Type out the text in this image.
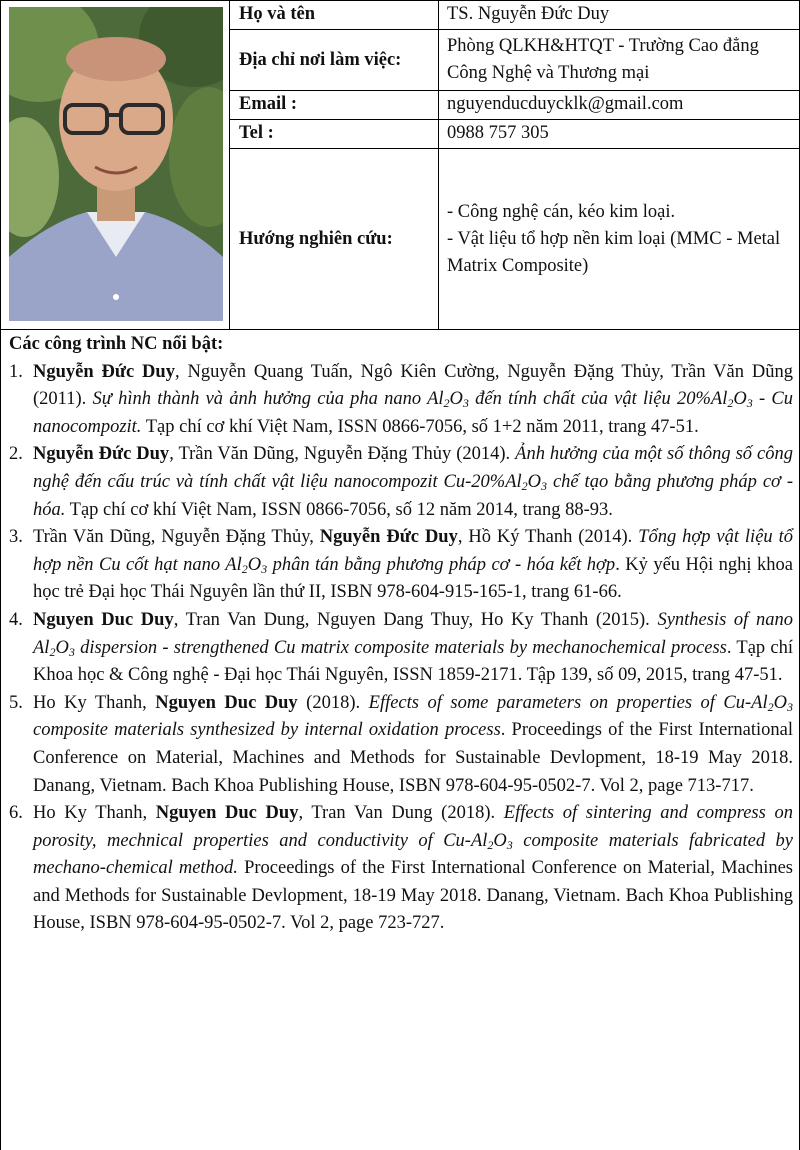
	Họ và tên	TS. Nguyễn Đức Duy
	Địa chỉ nơi làm việc:	Phòng QLKH&HTQT - Trường Cao đẳng Công Nghệ và Thương mại
	Email :	nguyenducduycklk@gmail.com
	Tel :	0988 757 305
	Hướng nghiên cứu:	- Công nghệ cán, kéo kim loại.
- Vật liệu tổ hợp nền kim loại (MMC - Metal Matrix Composite)
Các công trình NC nổi bật:
1. Nguyễn Đức Duy, Nguyễn Quang Tuấn, Ngô Kiên Cường, Nguyễn Đặng Thủy, Trần Văn Dũng (2011). Sự hình thành và ảnh hưởng của pha nano $Al_2O_3$ đến tính chất của vật liệu $20\%Al_2O_3$ - Cu nanocompozit. Tạp chí cơ khí Việt Nam, ISSN 0866-7056, số 1+2 năm 2011, trang 47-51.
2. Nguyễn Đức Duy, Trần Văn Dũng, Nguyễn Đặng Thủy (2014). Ảnh hưởng của một số thông số công nghệ đến cấu trúc và tính chất vật liệu nanocompozit $Cu-20\%Al_2O_3$ chế tạo bằng phương pháp cơ - hóa. Tạp chí cơ khí Việt Nam, ISSN 0866-7056, số 12 năm 2014, trang 88-93.
3. Trần Văn Dũng, Nguyễn Đặng Thủy, Nguyễn Đức Duy, Hồ Ký Thanh (2014). Tổng hợp vật liệu tổ hợp nền Cu cốt hạt nano $Al_2O_3$ phân tán bằng phương pháp cơ - hóa kết hợp. Kỷ yếu Hội nghị khoa học trẻ Đại học Thái Nguyên lần thứ II, ISBN 978-604-915-165-1, trang 61-66.
4. Nguyen Duc Duy, Tran Van Dung, Nguyen Dang Thuy, Ho Ky Thanh (2015). Synthesis of nano $Al_2O_3$ dispersion - strengthened Cu matrix composite materials by mechanochemical process. Tạp chí Khoa học & Công nghệ - Đại học Thái Nguyên, ISSN 1859-2171. Tập 139, số 09, 2015, trang 47-51.
5. Ho Ky Thanh, Nguyen Duc Duy (2018). Effects of some parameters on properties of $Cu-Al_2O_3$ composite materials synthesized by internal oxidation process. Proceedings of the First International Conference on Material, Machines and Methods for Sustainable Devlopment, 18-19 May 2018. Danang, Vietnam. Bach Khoa Publishing House, ISBN 978-604-95-0502-7. Vol 2, page 713-717.
6. Ho Ky Thanh, Nguyen Duc Duy, Tran Van Dung (2018). Effects of sintering and compress on porosity, mechnical properties and conductivity of $Cu-Al_2O_3$ composite materials fabricated by mechano-chemical method. Proceedings of the First International Conference on Material, Machines and Methods for Sustainable Devlopment, 18-19 May 2018. Danang, Vietnam. Bach Khoa Publishing House, ISBN 978-604-95-0502-7. Vol 2, page 723-727.
